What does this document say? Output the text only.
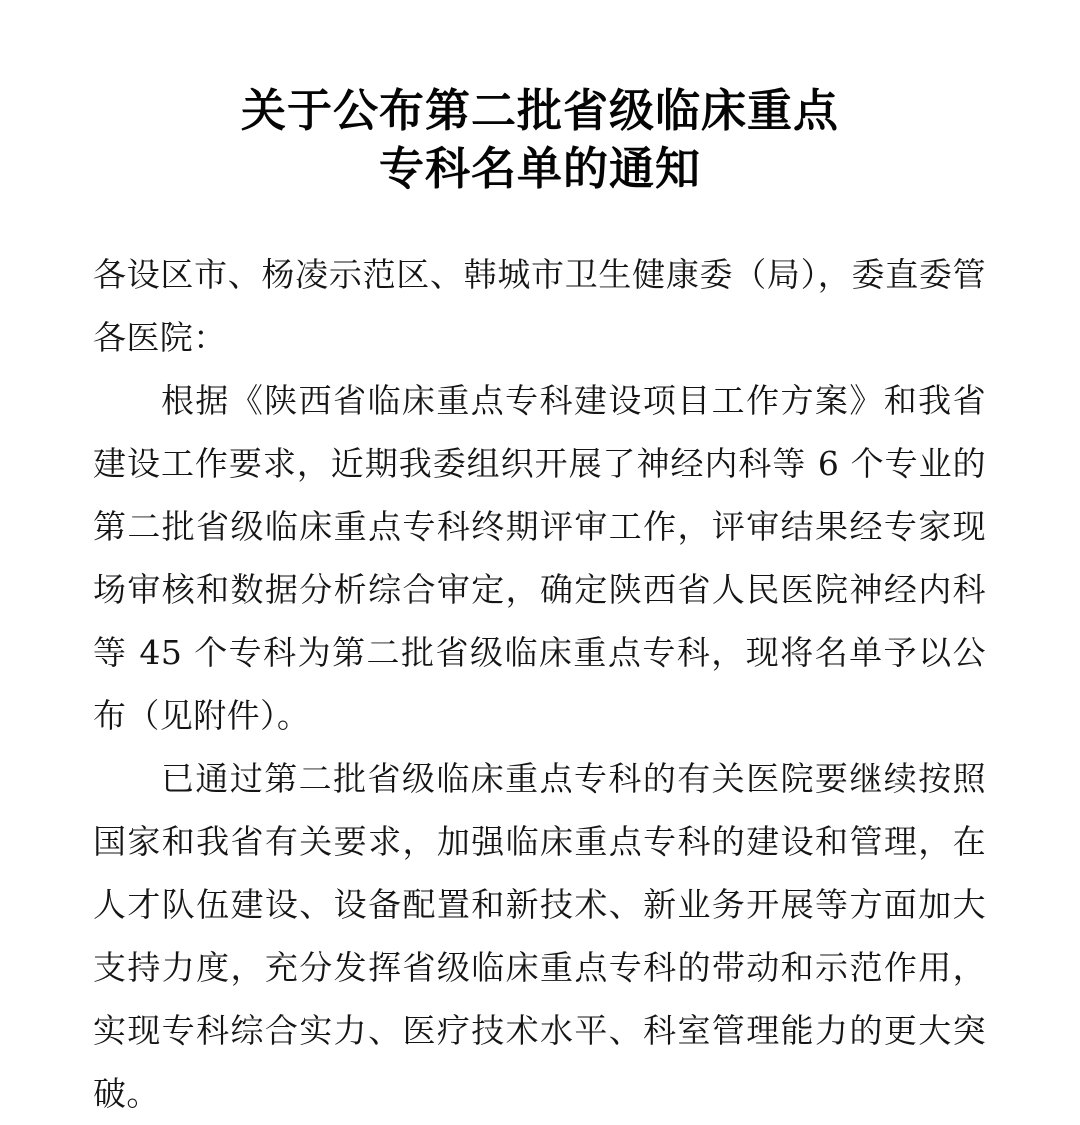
关于公布第二批省级临床重点
专科名单的通知

各设区市、杨凌示范区、韩城市卫生健康委（局），委直委管各医院：

根据《陕西省临床重点专科建设项目工作方案》和我省建设工作要求，近期我委组织开展了神经内科等 6 个专业的第二批省级临床重点专科终期评审工作，评审结果经专家现场审核和数据分析综合审定，确定陕西省人民医院神经内科等 45 个专科为第二批省级临床重点专科，现将名单予以公布（见附件）。

已通过第二批省级临床重点专科的有关医院要继续按照国家和我省有关要求，加强临床重点专科的建设和管理，在人才队伍建设、设备配置和新技术、新业务开展等方面加大支持力度，充分发挥省级临床重点专科的带动和示范作用，实现专科综合实力、医疗技术水平、科室管理能力的更大突破。
